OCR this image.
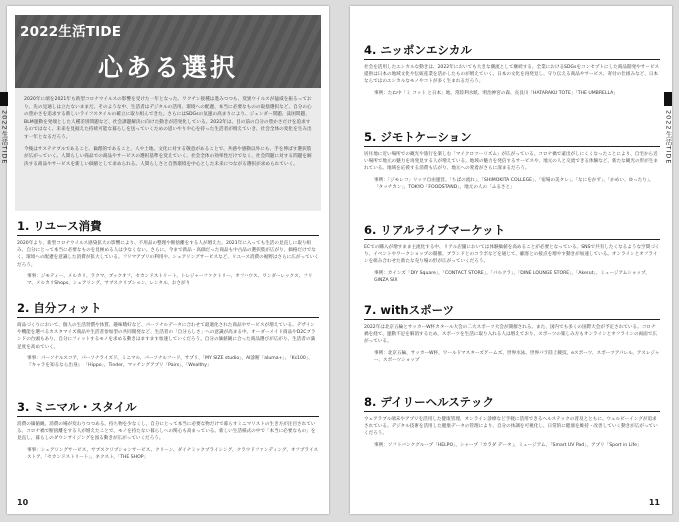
2022生活TIDE
心ある選択

2020年に端を2021年も新型コロナウイルスの影響を受けた一年となった。ワクチン接種は進みつつも、変異ウイルスが猛威を振るっており、先の見通しは立たないままだ。そのような中、生活者はデジタルの活用、環境への配慮、本当に必要なものの取捨選択など、自分の心の豊かさを追求する新しいライフスタイルの確立に取り組んできた。さらにはSDGsの気運の高まりにより、ジェンダー問題、貧困問題、BLM運動を発端とした人種差別問題など、社会課題解決に向けた動きが活発化している。2022年は、目の前の自分の豊かさだけを追求するのではなく、未来を見据えた持続可能な暮らしを送っていくための思いやりや心を持った生活者が増えていき、社会全体の変化を生み出す一年となるだろう。

今後はサステナブルであること、倫理的であること、人や土地、文化に対する敬意があることで、共感や感動以外にも、手を伸ばす選択肢が広がっていく。人間らしい商品での商品やサービスの選択基準を変えていく、社会全体の効率性だけでなく、社会問題に対する問題を解決する商品やサービスを新しい価値として求められる。人間らしさと自然環境を中心とした未来につながる選択が求められていく。

1. リユース消費

2020年より、新型コロナウイルス感染拡大の影響により、不用品の整理や断捨離をする人が増えた。2021年に入っても生活の見直しに取り組み、自分にとって本当に必要なものを見極める人は少なくない。さらに、今まで新品・高価だった商品も中古品の選択肢が広がり、価格だけでなく、環境への配慮を意識した消費が拡大している。フリマアプリの利用や、シェアリングサービスなど、リユース消費の裾野はさらに広がっていくだろう。

事事：ジモティー、メルカリ、ラクマ、ブックオフ、セカンドストリート、トレジャーファクトリー、オフハウス、ワンダーレックス、フリマ、メルカリShops、シェアリング、サブスクリプション、レンタル、おさがり

2. 自分フィット

商品づくりにおいて、個人の生活習慣や体質、趣味嗜好など、パーソナルデータに合わせて最適化された商品やサービスが増えている。デザインや機能を選べるカスタマイズ商品や生活者参加型の共同開発など、生活者の「自分らしさ」への意識が高まる中、オーダーメイド商品やD2Cブランドの台頭もあり、自分にフィットするモノを求める動きはますます加速していくだろう。自分の価値観に合った商品選びが広がり、生活者の満足度を高めていく。

事事：パーソナルスコア、パーソナライズド、ミニマル、パーソナルフード、サプリ、「MY SIZE studio」、AI診断「aluma+」、「Ks100」、『キャラを知るなら出身』 「Hippo」、Tinder、マッチングアプリ「Pairs」、「Wealthy」

3. ミニマル・スタイル

消費の価値観、消費の場が変わりつつある。持ち物を少なくし、自分にとって本当に必要な物だけで暮らすミニマリストの生き方が注目されている。コロナ禍で断捨離をする人が増えたことで、モノを持たない暮らしへの関心も高まっている。新しい生活様式の中で「本当に必要なもの」を見直し、暮らしのダウンサイジングを図る動きが広がっていくだろう。

事事：シェアリングサービス、サブスクリプションサービス、クリーン、ダイナミックプライシング、クラウドファンディング、オフプライスストア、「セカンドストリート」、ネクスト、「THE SHOP」

10
2022生活TIDE
4. ニッポンエシカル

社会を活用したエシカルな動きは、2022年においても大きな潮流として継続する。全業におけるSDGsをコンセプトにした商品開発やサービス提供は日本の地域文化や伝統産業を活かしたものが増えていく。日本の文化を再発見し、守り伝える商品やサービス、寄付の仕組みなど、日本ならではのエシカルなモノやコトが多く生まれるだろう。

事例：たね中「ミ コット と日本」地、常陸利水紙、明治神宮の森、長良川「HATARAKU TOTE」「THE UMBRELLA」

5. ジモトケーション

居住地に近い場所での観光や旅行を楽しむ「マイクロツーリズム」が広がっている。コロナ禍で遠出がしにくくなったことにより、自宅から近い場所で地元の魅力を再発見する人が増えている。地域の魅力を発信するサービスや、地元の人と交流できる体験など、新たな観光の形が生まれている。地域を応援する消費も広がり、地元への愛着がさらに深まるだろう。

事例：「ジモレコ」リッツ自由運営、「ちばの流れ」、「SHIMOKITA COLLEGE」、「宿場の美タレ」、「なにをかず」、「かめい、ゆったり」、「タッチカン」、TOKYO「FOODSTAND」、地元の人の「ふるさと」

6. リアルライブマーケット

ECでの購入が増すまま主流化する中、リアル店舗においては体験価値を高めることが必要となっている。SNSで共有したくなるような空間づくり、イベントやワークショップの開催、ブランドとのコラボなどを通じて、顧客との接点を増やす動きが加速している。オンラインとオフラインを組み合わせた新たな売り場の形が広がっていくだろう。

事例：カインズ「DIY Square」、「CONTACT STORE」、「パルクラ」、「DINE LOUNGE STORE」、「Akerut」、ミュージアムショップ、GINZA SIX

7. withスポーツ

2022年は北京五輪とサッカーW杯カタール大会の二大スポーツ大会が開催される。また、国内でも多くの国際大会が予定されている。コロナ禍を経て、運動不足を解消するため、スポーツを生活に取り入れる人は増えており、スポーツの楽しみ方もオンラインとオフラインの両面で広がっている。

事例：北京五輪、サッカーW杯、ワールドマスターズゲームズ、世界水泳、世界パラ陸上競技、eスポーツ、スポーツアパレル、アスレジャー、スポーツショップ

8. デイリーヘルステック

ウェアラブル端末やアプリを活用した健康管理、オンライン診療など手軽に活用できるヘルステックの普及とともに、ウェルビーイングが追求されている。デジタル技術を活用した健康データの管理により、自分の体調を可視化し、日常的に健康を維持・改善していく動きが広がっていくだろう。

事例：ソフトバンクグループ「HELPO」、シャープ「カラダ データ」、ミュージアム、「Smart UV Pad」、アプリ「Sport in Life」

11
2022生活TIDE
